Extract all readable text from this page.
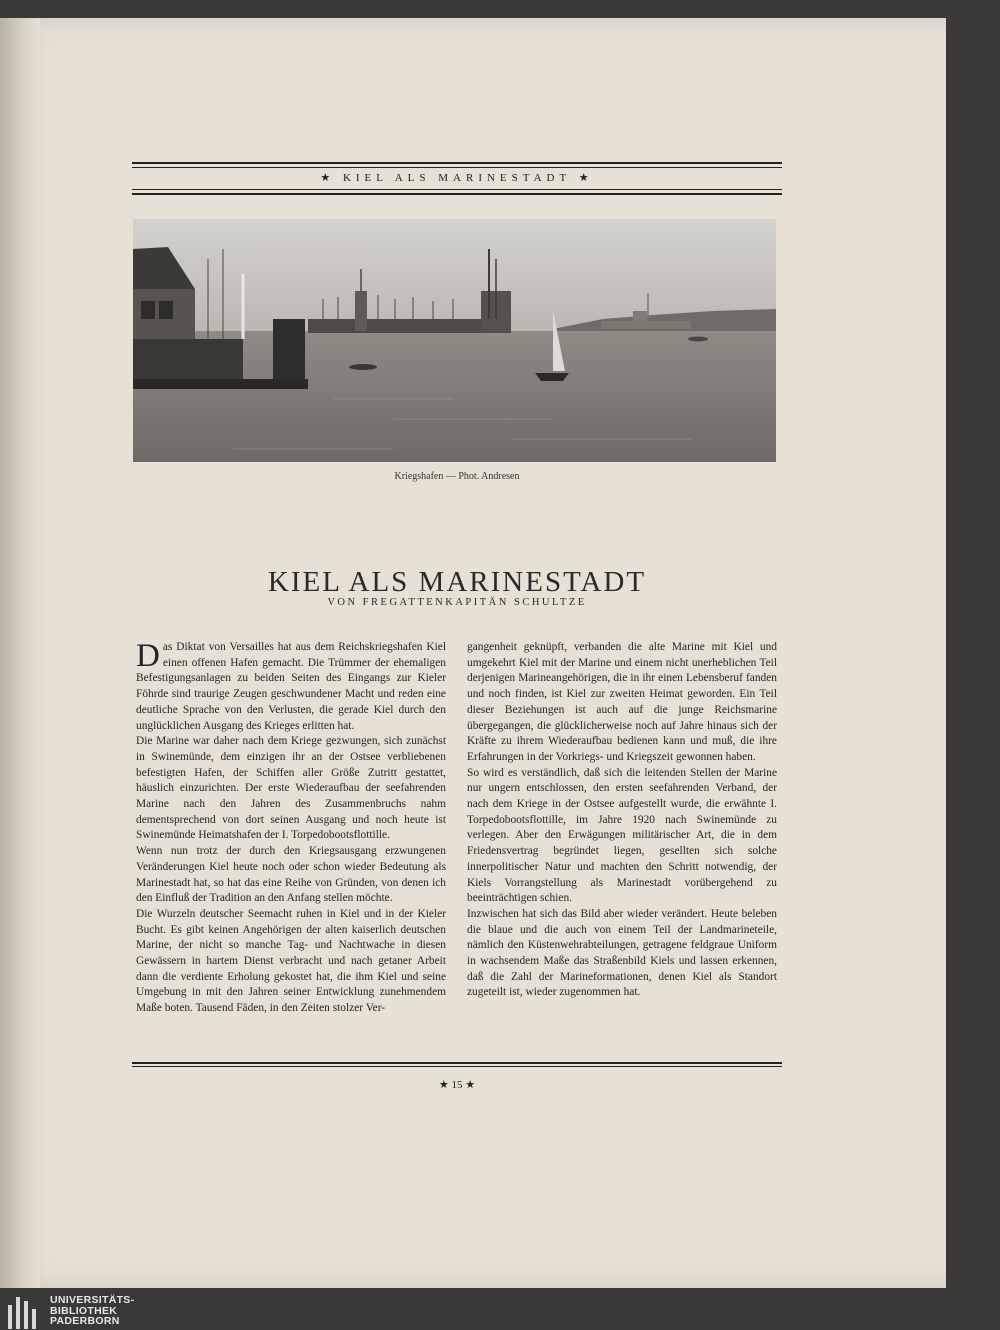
★ KIEL ALS MARINESTADT ★
Kriegshafen — Phot. Andresen
KIEL ALS MARINESTADT
VON FREGATTENKAPITÄN SCHULTZE

Das Diktat von Versailles hat aus dem Reichskriegshafen Kiel einen offenen Hafen gemacht. Die Trümmer der ehemaligen Befestigungsanlagen zu beiden Seiten des Eingangs zur Kieler Föhrde sind traurige Zeugen geschwundener Macht und reden eine deutliche Sprache von den Verlusten, die gerade Kiel durch den unglücklichen Ausgang des Krieges erlitten hat.

Die Marine war daher nach dem Kriege gezwungen, sich zunächst in Swinemünde, dem einzigen ihr an der Ostsee verbliebenen befestigten Hafen, der Schiffen aller Größe Zutritt gestattet, häuslich einzurichten. Der erste Wiederaufbau der seefahrenden Marine nach den Jahren des Zusammenbruchs nahm dementsprechend von dort seinen Ausgang und noch heute ist Swinemünde Heimatshafen der I. Torpedobootsflottille.

Wenn nun trotz der durch den Kriegsausgang erzwungenen Veränderungen Kiel heute noch oder schon wieder Bedeutung als Marinestadt hat, so hat das eine Reihe von Gründen, von denen ich den Einfluß der Tradition an den Anfang stellen möchte.

Die Wurzeln deutscher Seemacht ruhen in Kiel und in der Kieler Bucht. Es gibt keinen Angehörigen der alten kaiserlich deutschen Marine, der nicht so manche Tag- und Nachtwache in diesen Gewässern in hartem Dienst verbracht und nach getaner Arbeit dann die verdiente Erholung gekostet hat, die ihm Kiel und seine Umgebung in mit den Jahren seiner Entwicklung zunehmendem Maße boten. Tausend Fäden, in den Zeiten stolzer Ver-

gangenheit geknüpft, verbanden die alte Marine mit Kiel und umgekehrt Kiel mit der Marine und einem nicht unerheblichen Teil derjenigen Marineangehörigen, die in ihr einen Lebensberuf fanden und noch finden, ist Kiel zur zweiten Heimat geworden. Ein Teil dieser Beziehungen ist auch auf die junge Reichsmarine übergegangen, die glücklicherweise noch auf Jahre hinaus sich der Kräfte zu ihrem Wiederaufbau bedienen kann und muß, die ihre Erfahrungen in der Vorkriegs- und Kriegszeit gewonnen haben.

So wird es verständlich, daß sich die leitenden Stellen der Marine nur ungern entschlossen, den ersten seefahrenden Verband, der nach dem Kriege in der Ostsee aufgestellt wurde, die erwähnte I. Torpedobootsflottille, im Jahre 1920 nach Swinemünde zu verlegen. Aber den Erwägungen militärischer Art, die in dem Friedensvertrag begründet liegen, gesellten sich solche innerpolitischer Natur und machten den Schritt notwendig, der Kiels Vorrangstellung als Marinestadt vorübergehend zu beeinträchtigen schien.

Inzwischen hat sich das Bild aber wieder verändert. Heute beleben die blaue und die auch von einem Teil der Landmarineteile, nämlich den Küstenwehrabteilungen, getragene feldgraue Uniform in wachsendem Maße das Straßenbild Kiels und lassen erkennen, daß die Zahl der Marineformationen, denen Kiel als Standort zugeteilt ist, wieder zugenommen hat.

★ 15 ★
UNIVERSITÄTS-
BIBLIOTHEK
PADERBORN
